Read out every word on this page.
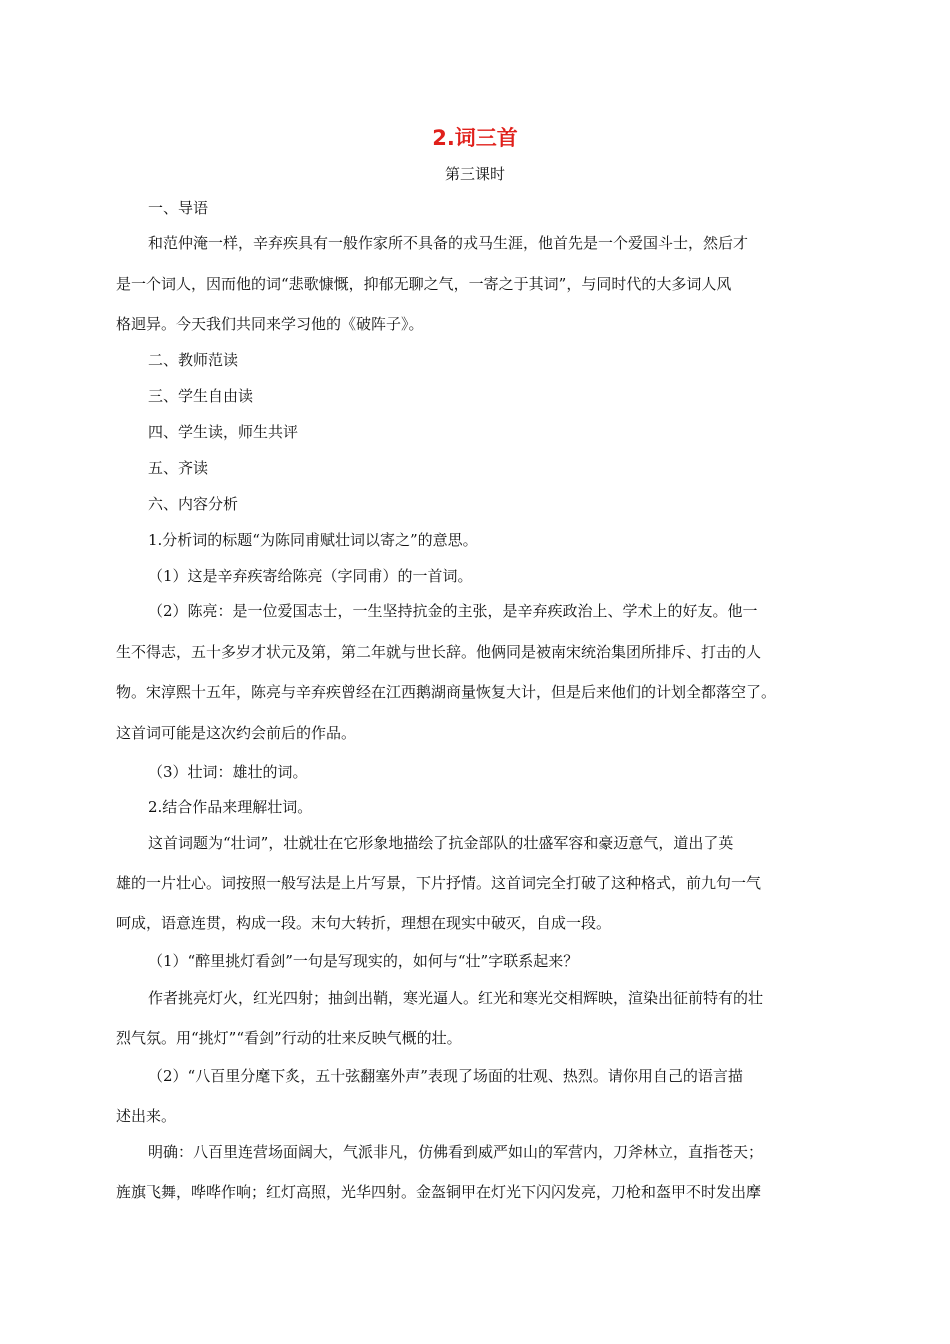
2.词三首
第三课时
一、导语
和范仲淹一样，辛弃疾具有一般作家所不具备的戎马生涯，他首先是一个爱国斗士，然后才
是一个词人，因而他的词“悲歌慷慨，抑郁无聊之气，一寄之于其词”，与同时代的大多词人风
格迥异。今天我们共同来学习他的《破阵子》。
二、教师范读
三、学生自由读
四、学生读，师生共评
五、齐读
六、内容分析
1.分析词的标题“为陈同甫赋壮词以寄之”的意思。
（1）这是辛弃疾寄给陈亮（字同甫）的一首词。
（2）陈亮：是一位爱国志士，一生坚持抗金的主张，是辛弃疾政治上、学术上的好友。他一
生不得志，五十多岁才状元及第，第二年就与世长辞。他俩同是被南宋统治集团所排斥、打击的人
物。宋淳熙十五年，陈亮与辛弃疾曾经在江西鹅湖商量恢复大计，但是后来他们的计划全都落空了。
这首词可能是这次约会前后的作品。
（3）壮词：雄壮的词。
2.结合作品来理解壮词。
这首词题为“壮词”，壮就壮在它形象地描绘了抗金部队的壮盛军容和豪迈意气，道出了英
雄的一片壮心。词按照一般写法是上片写景，下片抒情。这首词完全打破了这种格式，前九句一气
呵成，语意连贯，构成一段。末句大转折，理想在现实中破灭，自成一段。
（1）“醉里挑灯看剑”一句是写现实的，如何与“壮”字联系起来？
作者挑亮灯火，红光四射；抽剑出鞘，寒光逼人。红光和寒光交相辉映，渲染出征前特有的壮
烈气氛。用“挑灯”“看剑”行动的壮来反映气概的壮。
（2）“八百里分麾下炙，五十弦翻塞外声”表现了场面的壮观、热烈。请你用自己的语言描
述出来。
明确：八百里连营场面阔大，气派非凡，仿佛看到威严如山的军营内，刀斧林立，直指苍天；
旌旗飞舞，哗哗作响；红灯高照，光华四射。金盔铜甲在灯光下闪闪发亮，刀枪和盔甲不时发出摩
